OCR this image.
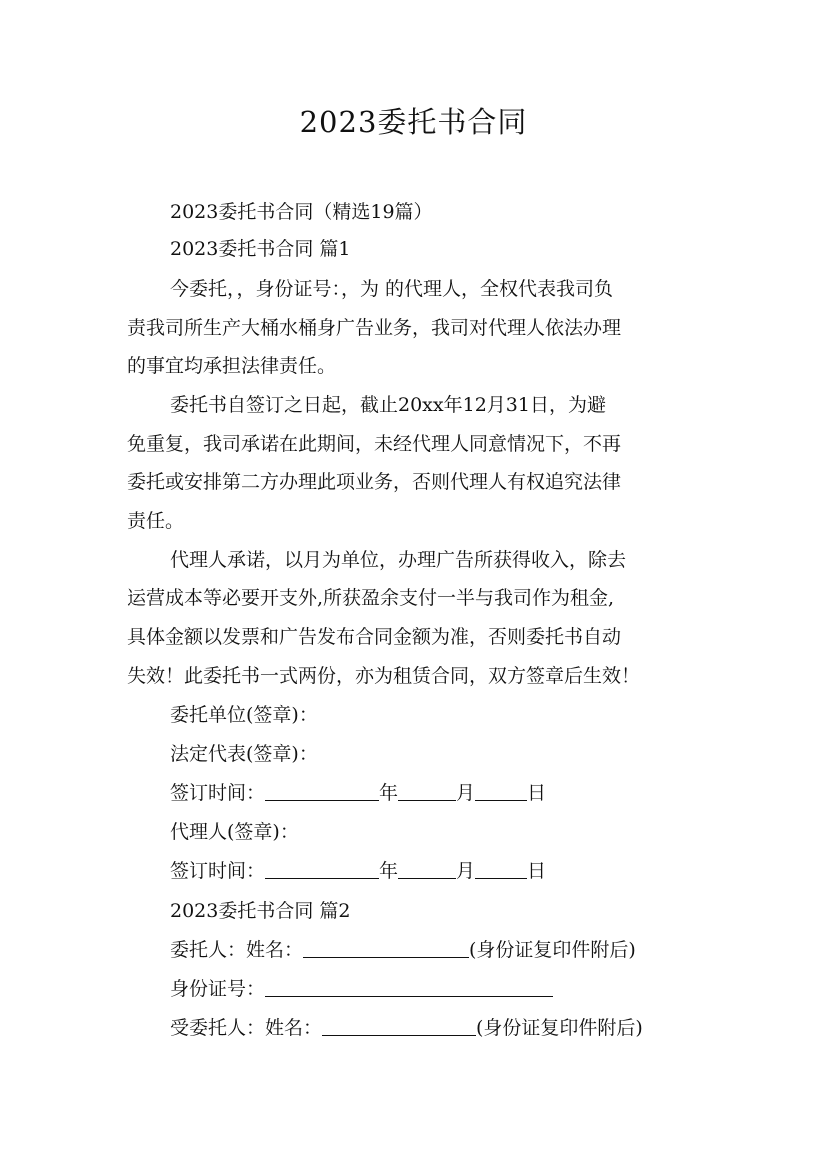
2023委托书合同
2023委托书合同（精选19篇）
2023委托书合同 篇1
今委托，，身份证号：，为 的代理人，全权代表我司负
责我司所生产大桶水桶身广告业务，我司对代理人依法办理
的事宜均承担法律责任。
委托书自签订之日起，截止20xx年12月31日，为避
免重复，我司承诺在此期间，未经代理人同意情况下，不再
委托或安排第二方办理此项业务，否则代理人有权追究法律
责任。
代理人承诺，以月为单位，办理广告所获得收入，除去
运营成本等必要开支外,所获盈余支付一半与我司作为租金,
具体金额以发票和广告发布合同金额为准，否则委托书自动
失效！此委托书一式两份，亦为租赁合同，双方签章后生效！
委托单位(签章)：
法定代表(签章)：
签订时间：	年	月	日
代理人(签章)：
签订时间：	年	月	日
2023委托书合同 篇2
委托人：姓名：	(身份证复印件附后)
身份证号：
受委托人：姓名：	(身份证复印件附后)
